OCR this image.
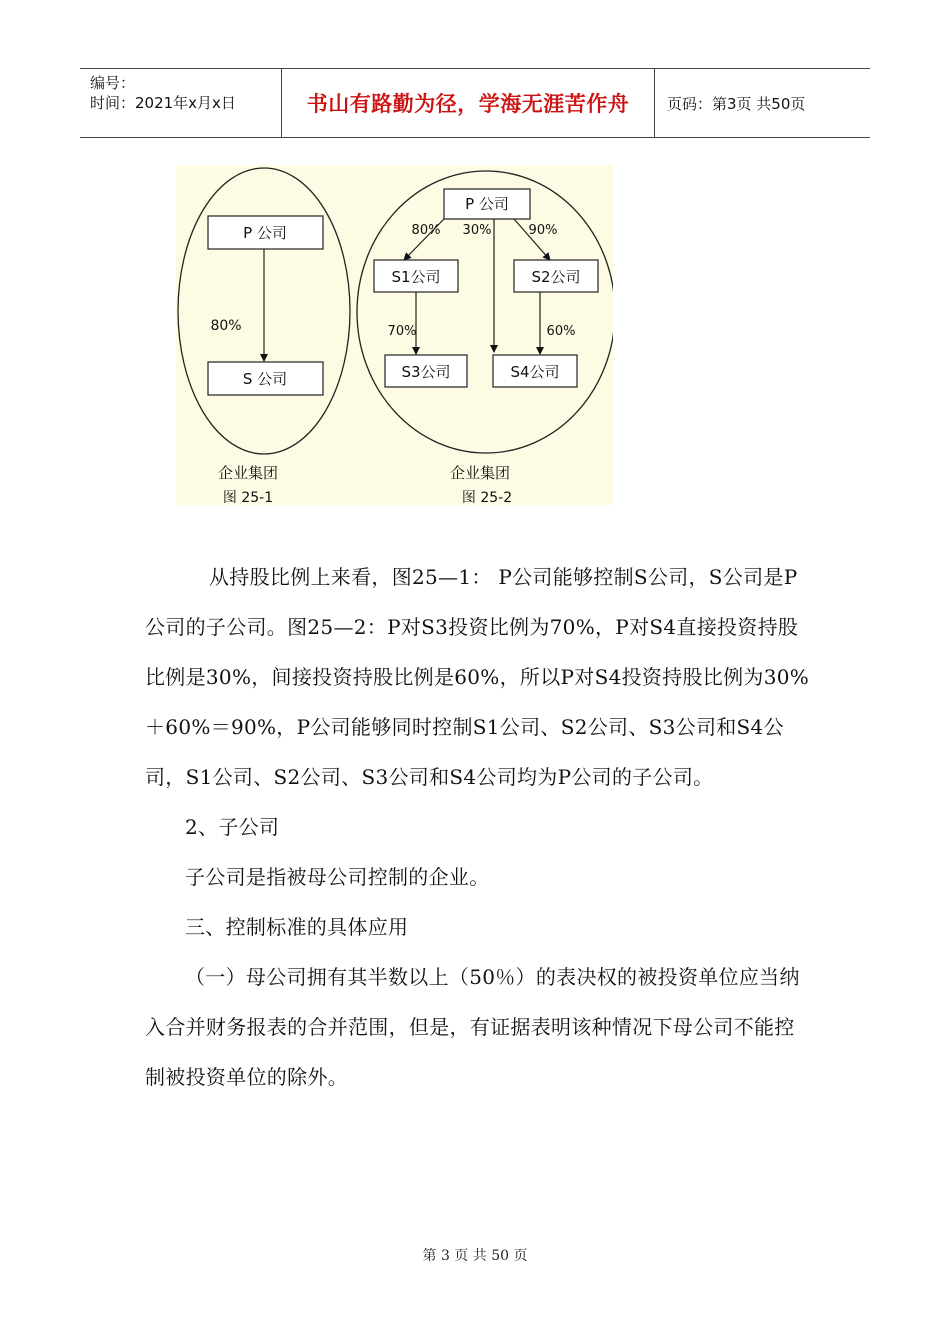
编号：
时间：2021年x月x日	书山有路勤为径，学海无涯苦作舟	页码：第3页 共50页
P 公司
80%
S 公司
企业集团
图 25-1
P 公司
80% 30%	90%
S1公司	S2公司
70%	60%
S3公司	S4公司
企业集团
图 25-2

从持股比例上来看，图25—1： P公司能够控制S公司，S公司是P公司的子公司。图25—2：P对S3投资比例为70%，P对S4直接投资持股比例是30%，间接投资持股比例是60%，所以P对S4投资持股比例为30%＋60%＝90%，P公司能够同时控制S1公司、S2公司、S3公司和S4公司，S1公司、S2公司、S3公司和S4公司均为P公司的子公司。

2、子公司

子公司是指被母公司控制的企业。

三、控制标准的具体应用

（一）母公司拥有其半数以上（50％）的表决权的被投资单位应当纳入合并财务报表的合并范围，但是，有证据表明该种情况下母公司不能控制被投资单位的除外。

第 3 页 共 50 页
